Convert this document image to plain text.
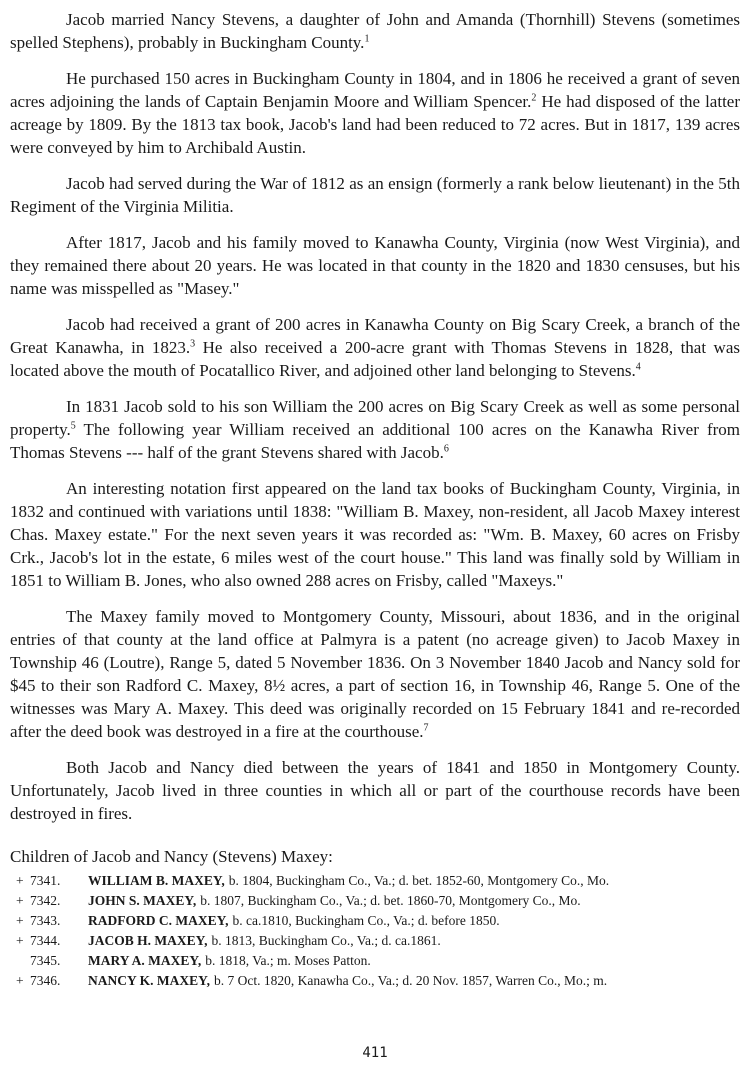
Jacob married Nancy Stevens, a daughter of John and Amanda (Thornhill) Stevens (sometimes spelled Stephens), probably in Buckingham County.$^1$

He purchased 150 acres in Buckingham County in 1804, and in 1806 he received a grant of seven acres adjoining the lands of Captain Benjamin Moore and William Spencer.$^2$ He had disposed of the latter acreage by 1809. By the 1813 tax book, Jacob's land had been reduced to 72 acres. But in 1817, 139 acres were conveyed by him to Archibald Austin.

Jacob had served during the War of 1812 as an ensign (formerly a rank below lieutenant) in the 5th Regiment of the Virginia Militia.

After 1817, Jacob and his family moved to Kanawha County, Virginia (now West Virginia), and they remained there about 20 years. He was located in that county in the 1820 and 1830 censuses, but his name was misspelled as "Masey."

Jacob had received a grant of 200 acres in Kanawha County on Big Scary Creek, a branch of the Great Kanawha, in 1823.$^3$ He also received a 200-acre grant with Thomas Stevens in 1828, that was located above the mouth of Pocatallico River, and adjoined other land belonging to Stevens.$^4$

In 1831 Jacob sold to his son William the 200 acres on Big Scary Creek as well as some personal property.$^5$ The following year William received an additional 100 acres on the Kanawha River from Thomas Stevens --- half of the grant Stevens shared with Jacob.$^6$

An interesting notation first appeared on the land tax books of Buckingham County, Virginia, in 1832 and continued with variations until 1838: "William B. Maxey, non-resident, all Jacob Maxey interest Chas. Maxey estate." For the next seven years it was recorded as: "Wm. B. Maxey, 60 acres on Frisby Crk., Jacob's lot in the estate, 6 miles west of the court house." This land was finally sold by William in 1851 to William B. Jones, who also owned 288 acres on Frisby, called "Maxeys."

The Maxey family moved to Montgomery County, Missouri, about 1836, and in the original entries of that county at the land office at Palmyra is a patent (no acreage given) to Jacob Maxey in Township 46 (Loutre), Range 5, dated 5 November 1836. On 3 November 1840 Jacob and Nancy sold for $45 to their son Radford C. Maxey, 8½ acres, a part of section 16, in Township 46, Range 5. One of the witnesses was Mary A. Maxey. This deed was originally recorded on 15 February 1841 and re-recorded after the deed book was destroyed in a fire at the courthouse.$^7$

Both Jacob and Nancy died between the years of 1841 and 1850 in Montgomery County. Unfortunately, Jacob lived in three counties in which all or part of the courthouse records have been destroyed in fires.

Children of Jacob and Nancy (Stevens) Maxey:

+ 7341.	WILLIAM B. MAXEY, b. 1804, Buckingham Co., Va.; d. bet. 1852-60, Montgomery Co., Mo.
+ 7342.	JOHN S. MAXEY, b. 1807, Buckingham Co., Va.; d. bet. 1860-70, Montgomery Co., Mo.
+ 7343.	RADFORD C. MAXEY, b. ca.1810, Buckingham Co., Va.; d. before 1850.
+ 7344.	JACOB H. MAXEY, b. 1813, Buckingham Co., Va.; d. ca.1861.
7345.	MARY A. MAXEY, b. 1818, Va.; m. Moses Patton.
+ 7346.	NANCY K. MAXEY, b. 7 Oct. 1820, Kanawha Co., Va.; d. 20 Nov. 1857, Warren Co., Mo.; m.
411
